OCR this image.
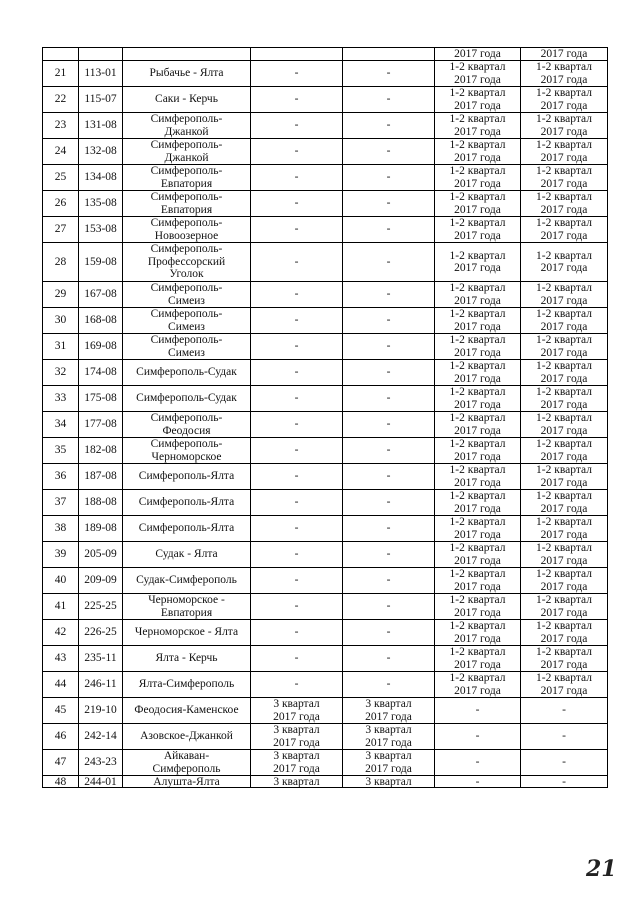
					2017 года	2017 года
21	113-01	Рыбачье - Ялта	-	-	1-2 квартал
2017 года	1-2 квартал
2017 года

22	115-07	Саки - Керчь	-	-	1-2 квартал
2017 года	1-2 квартал
2017 года

23	131-08	Симферополь-
Джанкой	-	-	1-2 квартал
2017 года	1-2 квартал
2017 года

24	132-08	Симферополь-
Джанкой	-	-	1-2 квартал
2017 года	1-2 квартал
2017 года

25	134-08	Симферополь-
Евпатория	-	-	1-2 квартал
2017 года	1-2 квартал
2017 года

26	135-08	Симферополь-
Евпатория	-	-	1-2 квартал
2017 года	1-2 квартал
2017 года

27	153-08	Симферополь-
Новоозерное	-	-	1-2 квартал
2017 года	1-2 квартал
2017 года

28	159-08	Симферополь-
Профессорский
Уголок	-	-	1-2 квартал
2017 года	1-2 квартал
2017 года

29	167-08	Симферополь-
Симеиз	-	-	1-2 квартал
2017 года	1-2 квартал
2017 года

30	168-08	Симферополь-
Симеиз	-	-	1-2 квартал
2017 года	1-2 квартал
2017 года

31	169-08	Симферополь-
Симеиз	-	-	1-2 квартал
2017 года	1-2 квартал
2017 года

32	174-08	Симферополь-Судак	-	-	1-2 квартал
2017 года	1-2 квартал
2017 года

33	175-08	Симферополь-Судак	-	-	1-2 квартал
2017 года	1-2 квартал
2017 года

34	177-08	Симферополь-
Феодосия	-	-	1-2 квартал
2017 года	1-2 квартал
2017 года

35	182-08	Симферополь-
Черноморское	-	-	1-2 квартал
2017 года	1-2 квартал
2017 года

36	187-08	Симферополь-Ялта	-	-	1-2 квартал
2017 года	1-2 квартал
2017 года

37	188-08	Симферополь-Ялта	-	-	1-2 квартал
2017 года	1-2 квартал
2017 года

38	189-08	Симферополь-Ялта	-	-	1-2 квартал
2017 года	1-2 квартал
2017 года

39	205-09	Судак - Ялта	-	-	1-2 квартал
2017 года	1-2 квартал
2017 года

40	209-09	Судак-Симферополь	-	-	1-2 квартал
2017 года	1-2 квартал
2017 года

41	225-25	Черноморское -
Евпатория	-	-	1-2 квартал
2017 года	1-2 квартал
2017 года

42	226-25	Черноморское - Ялта	-	-	1-2 квартал
2017 года	1-2 квартал
2017 года

43	235-11	Ялта - Керчь	-	-	1-2 квартал
2017 года	1-2 квартал
2017 года

44	246-11	Ялта-Симферополь	-	-	1-2 квартал
2017 года	1-2 квартал
2017 года

45	219-10	Феодосия-Каменское	3 квартал
2017 года	3 квартал
2017 года	-	-

46	242-14	Азовское-Джанкой	3 квартал
2017 года	3 квартал
2017 года	-	-

47	243-23	Айкаван-
Симферополь	3 квартал
2017 года	3 квартал
2017 года	-	-

48	244-01	Алушта-Ялта	3 квартал	3 квартал	-	-
21
